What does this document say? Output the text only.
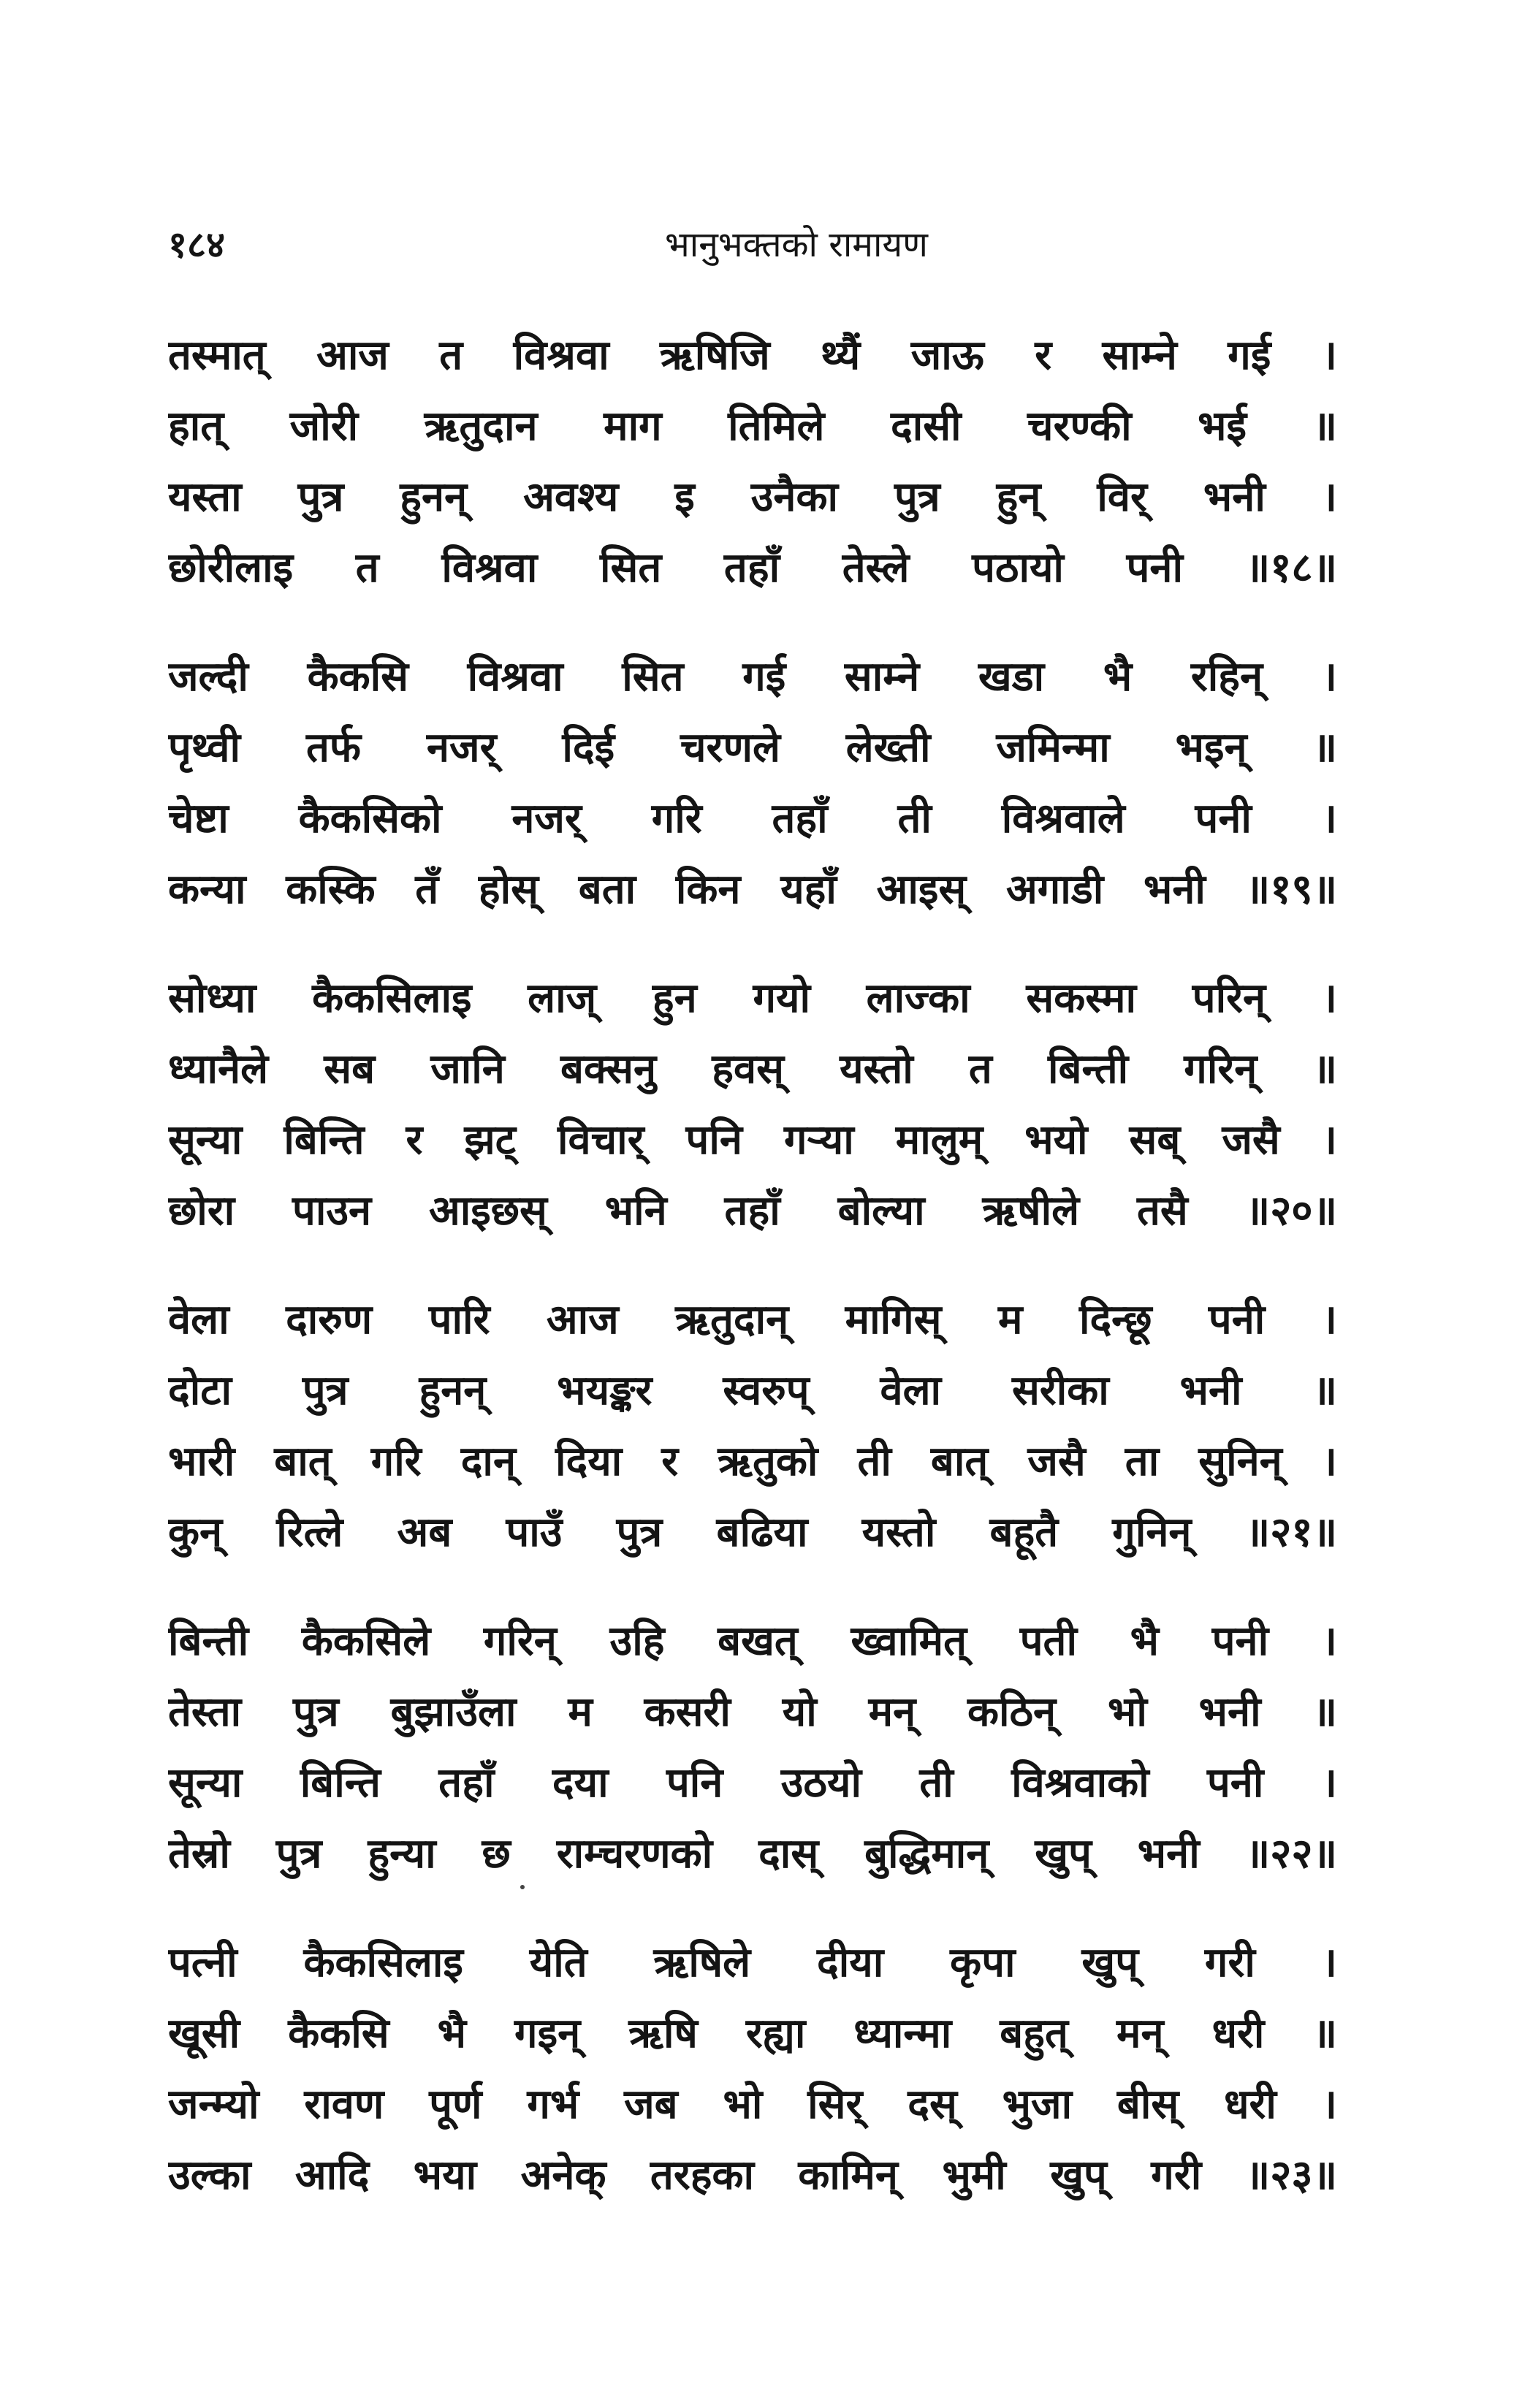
१८४	भानुभक्तको रामायण
तस्मात् आज त विश्रवा ऋषिजि थ्यैं जाऊ र साम्ने गई ।
हात् जोरी ऋतुदान माग तिमिले दासी चरण्की भई ॥
यस्ता पुत्र हुनन् अवश्य इ उनैका पुत्र हुन् विर् भनी ।
छोरीलाइ त विश्रवा सित तहाँ तेस्ले पठायो पनी ॥१८॥
जल्दी कैकसि विश्रवा सित गई साम्ने खडा भै रहिन् ।
पृथ्वी तर्फ नजर् दिई चरणले लेख्ती जमिन्मा भइन् ॥
चेष्टा कैकसिको नजर् गरि तहाँ ती विश्रवाले पनी ।
कन्या कस्कि तँ होस् बता किन यहाँ आइस् अगाडी भनी ॥१९॥
सोध्या कैकसिलाइ लाज् हुन गयो लाज्का सकस्मा परिन् ।
ध्यानैले सब जानि बक्सनु हवस् यस्तो त बिन्ती गरिन् ॥
सून्या बिन्ति र झट् विचार् पनि गऱ्या मालुम् भयो सब् जसै ।
छोरा पाउन आइछस् भनि तहाँ बोल्या ऋषीले तसै ॥२०॥
वेला दारुण पारि आज ऋतुदान् मागिस् म दिन्छू पनी ।
दोटा पुत्र हुनन् भयङ्कर स्वरुप् वेला सरीका भनी ॥
भारी बात् गरि दान् दिया र ऋतुको ती बात् जसै ता सुनिन् ।
कुन् रित्ले अब पाउँ पुत्र बढिया यस्तो बहूतै गुनिन् ॥२१॥
बिन्ती कैकसिले गरिन् उहि बखत् ख्वामित् पती भै पनी ।
तेस्ता पुत्र बुझाउँला म कसरी यो मन् कठिन् भो भनी ॥
सून्या बिन्ति तहाँ दया पनि उठयो ती विश्रवाको पनी ।
तेस्रो पुत्र हुन्या छ राम्चरणको दास् बुद्धिमान् खुप् भनी ॥२२॥
पत्नी कैकसिलाइ येति ऋषिले दीया कृपा खुप् गरी ।
खूसी कैकसि भै गइन् ऋषि रह्या ध्यान्मा बहुत् मन् धरी ॥
जन्म्यो रावण पूर्ण गर्भ जब भो सिर् दस् भुजा बीस् धरी ।
उल्का आदि भया अनेक् तरहका कामिन् भुमी खुप् गरी ॥२३॥
